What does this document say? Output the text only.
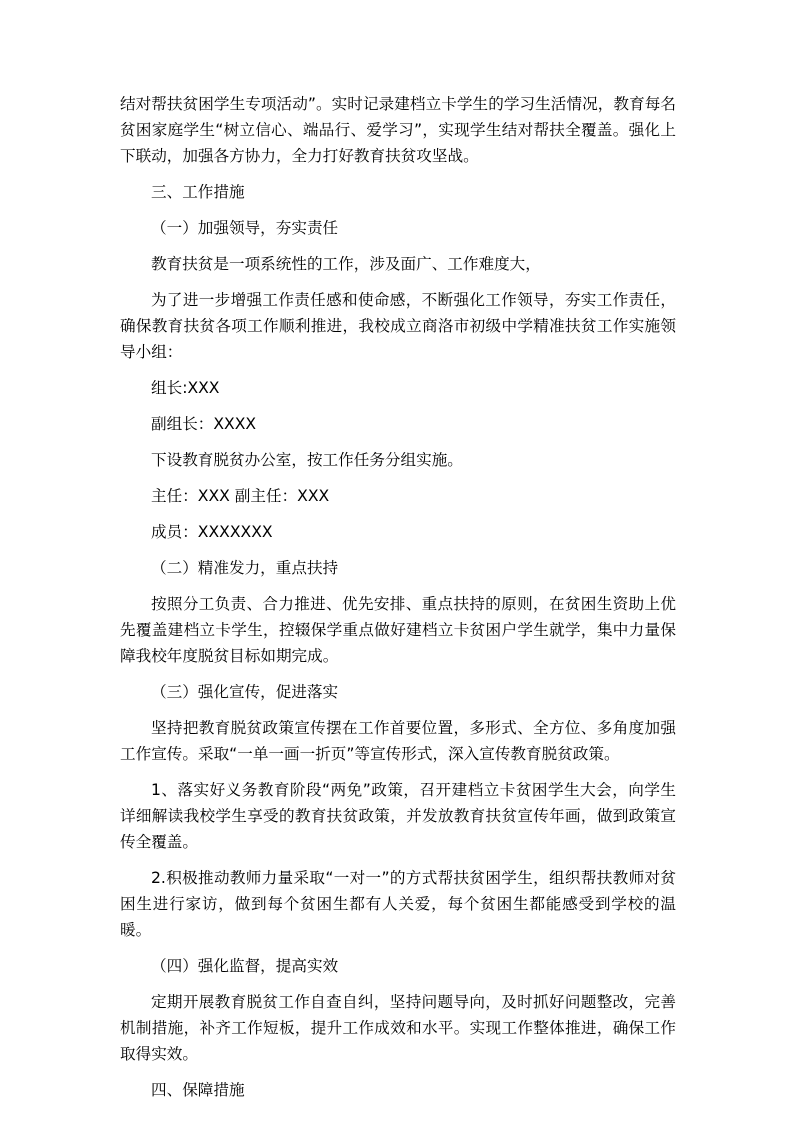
结对帮扶贫困学生专项活动”。实时记录建档立卡学生的学习生活情况，教育每名贫困家庭学生“树立信心、端品行、爱学习”，实现学生结对帮扶全覆盖。强化上下联动，加强各方协力，全力打好教育扶贫攻坚战。

三、工作措施

（一）加强领导，夯实责任

教育扶贫是一项系统性的工作，涉及面广、工作难度大，

为了进一步增强工作责任感和使命感，不断强化工作领导，夯实工作责任，确保教育扶贫各项工作顺利推进，我校成立商洛市初级中学精准扶贫工作实施领导小组：

组长:XXX

副组长：XXXX

下设教育脱贫办公室，按工作任务分组实施。

主任：XXX 副主任：XXX

成员：XXXXXXX

（二）精准发力，重点扶持

按照分工负责、合力推进、优先安排、重点扶持的原则，在贫困生资助上优先覆盖建档立卡学生，控辍保学重点做好建档立卡贫困户学生就学，集中力量保障我校年度脱贫目标如期完成。

（三）强化宣传，促进落实

坚持把教育脱贫政策宣传摆在工作首要位置，多形式、全方位、多角度加强工作宣传。采取“一单一画一折页”等宣传形式，深入宣传教育脱贫政策。

1、落实好义务教育阶段“两免”政策，召开建档立卡贫困学生大会，向学生详细解读我校学生享受的教育扶贫政策，并发放教育扶贫宣传年画，做到政策宣传全覆盖。

2.积极推动教师力量采取“一对一”的方式帮扶贫困学生，组织帮扶教师对贫困生进行家访，做到每个贫困生都有人关爱，每个贫困生都能感受到学校的温暖。

（四）强化监督，提高实效

定期开展教育脱贫工作自查自纠，坚持问题导向，及时抓好问题整改，完善机制措施，补齐工作短板，提升工作成效和水平。实现工作整体推进，确保工作取得实效。

四、保障措施
